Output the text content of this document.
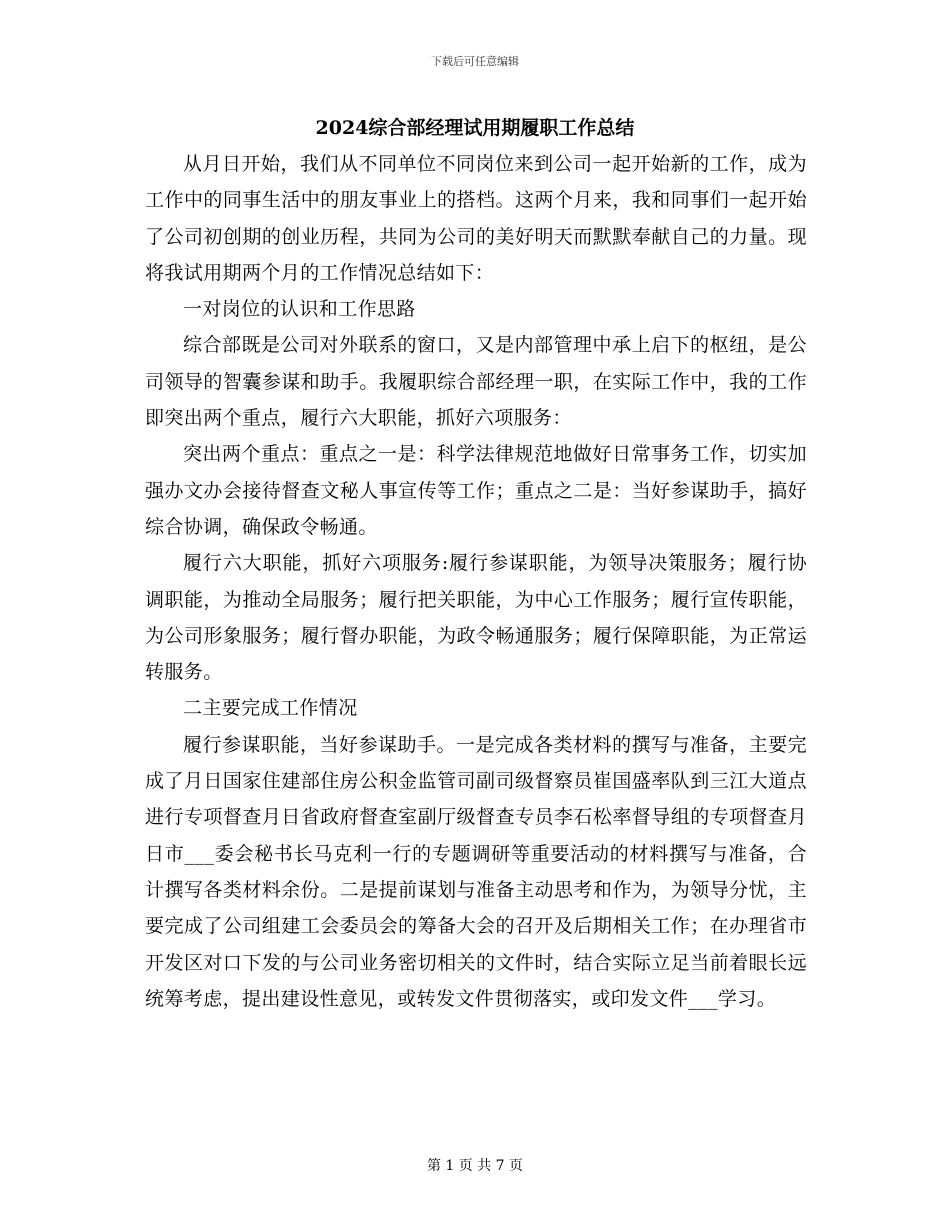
下载后可任意编辑
2024综合部经理试用期履职工作总结

从月日开始，我们从不同单位不同岗位来到公司一起开始新的工作，成为工作中的同事生活中的朋友事业上的搭档。这两个月来，我和同事们一起开始了公司初创期的创业历程，共同为公司的美好明天而默默奉献自己的力量。现将我试用期两个月的工作情况总结如下：

一对岗位的认识和工作思路

综合部既是公司对外联系的窗口，又是内部管理中承上启下的枢纽，是公司领导的智囊参谋和助手。我履职综合部经理一职，在实际工作中，我的工作即突出两个重点，履行六大职能，抓好六项服务：

突出两个重点：重点之一是：科学法律规范地做好日常事务工作，切实加强办文办会接待督查文秘人事宣传等工作；重点之二是：当好参谋助手，搞好综合协调，确保政令畅通。

履行六大职能，抓好六项服务:履行参谋职能，为领导决策服务；履行协调职能，为推动全局服务；履行把关职能，为中心工作服务；履行宣传职能，为公司形象服务；履行督办职能，为政令畅通服务；履行保障职能，为正常运转服务。

二主要完成工作情况

履行参谋职能，当好参谋助手。一是完成各类材料的撰写与准备，主要完成了月日国家住建部住房公积金监管司副司级督察员崔国盛率队到三江大道点进行专项督查月日省政府督查室副厅级督查专员李石松率督导组的专项督查月日市___委会秘书长马克利一行的专题调研等重要活动的材料撰写与准备，合计撰写各类材料余份。二是提前谋划与准备主动思考和作为，为领导分忧，主要完成了公司组建工会委员会的筹备大会的召开及后期相关工作；在办理省市开发区对口下发的与公司业务密切相关的文件时，结合实际立足当前着眼长远统筹考虑，提出建设性意见，或转发文件贯彻落实，或印发文件___学习。

第 1 页 共 7 页
